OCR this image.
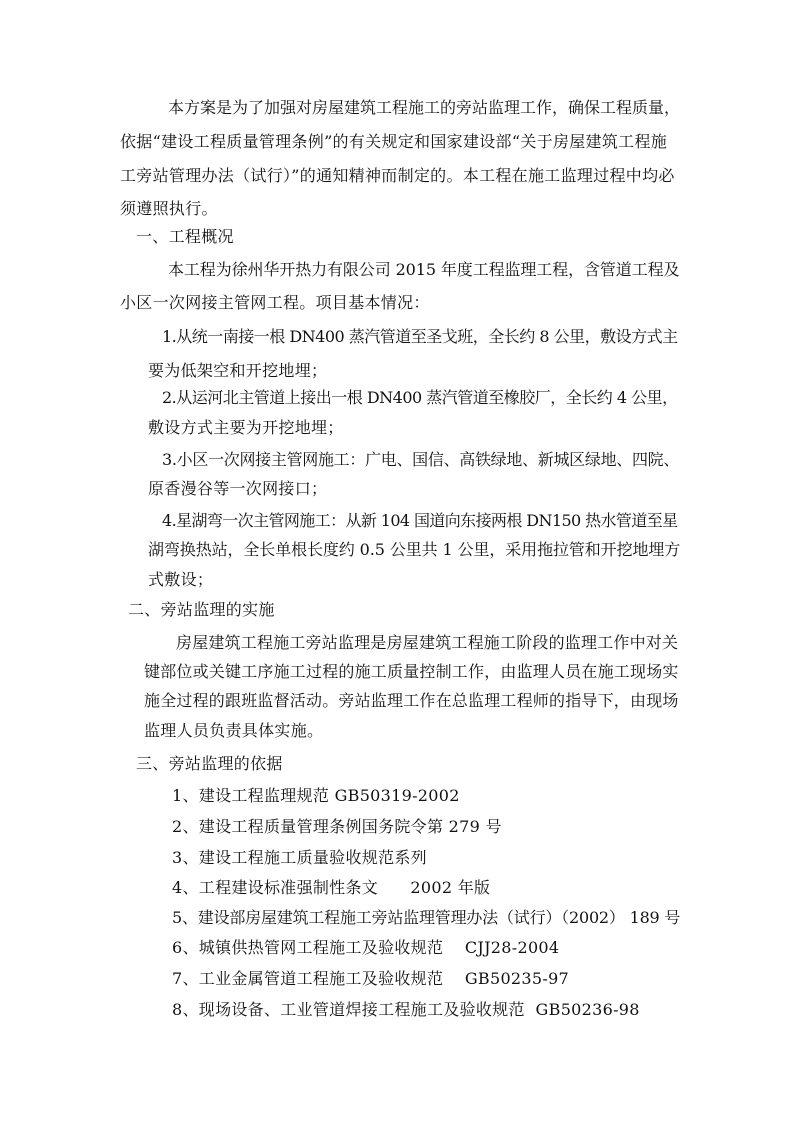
本方案是为了加强对房屋建筑工程施工的旁站监理工作，确保工程质量，
依据“建设工程质量管理条例”的有关规定和国家建设部“关于房屋建筑工程施
工旁站管理办法（试行）”的通知精神而制定的。本工程在施工监理过程中均必
须遵照执行。
一、工程概况
本工程为徐州华开热力有限公司 2015 年度工程监理工程，含管道工程及
小区一次网接主管网工程。项目基本情况：
1.从统一南接一根 DN400 蒸汽管道至圣戈班，全长约 8 公里，敷设方式主
要为低架空和开挖地埋；
2.从运河北主管道上接出一根 DN400 蒸汽管道至橡胶厂，全长约 4 公里，
敷设方式主要为开挖地埋；
3.小区一次网接主管网施工：广电、国信、高铁绿地、新城区绿地、四院、
原香漫谷等一次网接口；
4.星湖弯一次主管网施工：从新 104 国道向东接两根 DN150 热水管道至星
湖弯换热站，全长单根长度约 0.5 公里共 1 公里，采用拖拉管和开挖地埋方
式敷设；
二、旁站监理的实施
房屋建筑工程施工旁站监理是房屋建筑工程施工阶段的监理工作中对关
键部位或关键工序施工过程的施工质量控制工作，由监理人员在施工现场实
施全过程的跟班监督活动。旁站监理工作在总监理工程师的指导下，由现场
监理人员负责具体实施。
三、旁站监理的依据
1、建设工程监理规范 GB50319-2002
2、建设工程质量管理条例国务院令第 279 号
3、建设工程施工质量验收规范系列
4、工程建设标准强制性条文      2002 年版
5、建设部房屋建筑工程施工旁站监理管理办法（试行）（2002） 189 号
6、城镇供热管网工程施工及验收规范    CJJ28-2004
7、工业金属管道工程施工及验收规范    GB50235-97
8、现场设备、工业管道焊接工程施工及验收规范  GB50236-98
